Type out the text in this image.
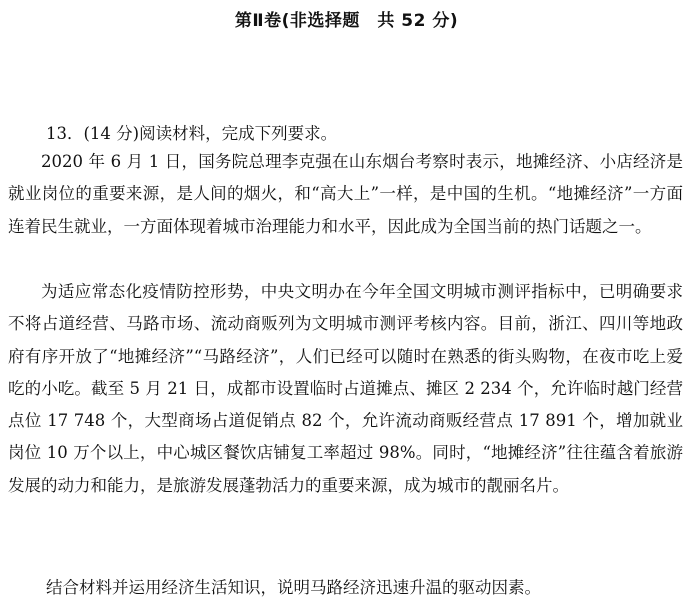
第Ⅱ卷(非选择题　共 52 分)
13．(14 分)阅读材料，完成下列要求。
2020 年 6 月 1 日，国务院总理李克强在山东烟台考察时表示，地摊经济、小店经济是就业岗位的重要来源，是人间的烟火，和“高大上”一样，是中国的生机。“地摊经济”一方面连着民生就业，一方面体现着城市治理能力和水平，因此成为全国当前的热门话题之一。
为适应常态化疫情防控形势，中央文明办在今年全国文明城市测评指标中，已明确要求不将占道经营、马路市场、流动商贩列为文明城市测评考核内容。目前，浙江、四川等地政府有序开放了“地摊经济”“马路经济”，人们已经可以随时在熟悉的街头购物，在夜市吃上爱吃的小吃。截至 5 月 21 日，成都市设置临时占道摊点、摊区 2 234 个，允许临时越门经营点位 17 748 个，大型商场占道促销点 82 个，允许流动商贩经营点 17 891 个，增加就业岗位 10 万个以上，中心城区餐饮店铺复工率超过 98%。同时，“地摊经济”往往蕴含着旅游发展的动力和能力，是旅游发展蓬勃活力的重要来源，成为城市的靓丽名片。
结合材料并运用经济生活知识，说明马路经济迅速升温的驱动因素。
